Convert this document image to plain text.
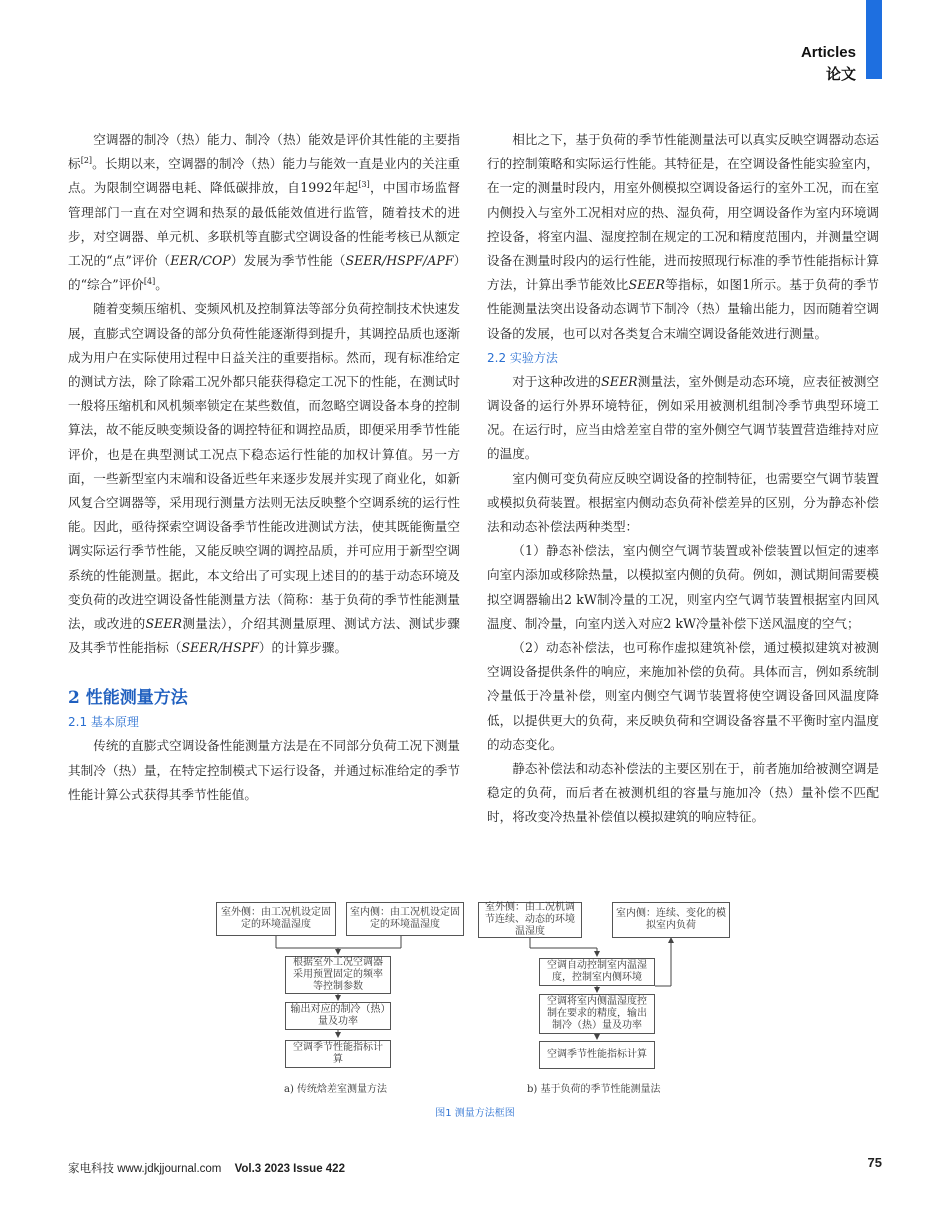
Articles
论文

空调器的制冷（热）能力、制冷（热）能效是评价其性能的主要指标[2]。长期以来，空调器的制冷（热）能力与能效一直是业内的关注重点。为限制空调器电耗、降低碳排放，自1992年起[3]，中国市场监督管理部门一直在对空调和热泵的最低能效值进行监管，随着技术的进步，对空调器、单元机、多联机等直膨式空调设备的性能考核已从额定工况的“点”评价（EER/COP）发展为季节性能（SEER/HSPF/APF）的“综合”评价[4]。

随着变频压缩机、变频风机及控制算法等部分负荷控制技术快速发展，直膨式空调设备的部分负荷性能逐渐得到提升，其调控品质也逐渐成为用户在实际使用过程中日益关注的重要指标。然而，现有标准给定的测试方法，除了除霜工况外都只能获得稳定工况下的性能，在测试时一般将压缩机和风机频率锁定在某些数值，而忽略空调设备本身的控制算法，故不能反映变频设备的调控特征和调控品质，即便采用季节性能评价，也是在典型测试工况点下稳态运行性能的加权计算值。另一方面，一些新型室内末端和设备近些年来逐步发展并实现了商业化，如新风复合空调器等，采用现行测量方法则无法反映整个空调系统的运行性能。因此，亟待探索空调设备季节性能改进测试方法，使其既能衡量空调实际运行季节性能，又能反映空调的调控品质，并可应用于新型空调系统的性能测量。据此，本文给出了可实现上述目的的基于动态环境及变负荷的改进空调设备性能测量方法（简称：基于负荷的季节性能测量法，或改进的SEER测量法），介绍其测量原理、测试方法、测试步骤及其季节性能指标（SEER/HSPF）的计算步骤。

2 性能测量方法
2.1 基本原理

传统的直膨式空调设备性能测量方法是在不同部分负荷工况下测量其制冷（热）量，在特定控制模式下运行设备，并通过标准给定的季节性能计算公式获得其季节性能值。

相比之下，基于负荷的季节性能测量法可以真实反映空调器动态运行的控制策略和实际运行性能。其特征是，在空调设备性能实验室内，在一定的测量时段内，用室外侧模拟空调设备运行的室外工况，而在室内侧投入与室外工况相对应的热、湿负荷，用空调设备作为室内环境调控设备，将室内温、湿度控制在规定的工况和精度范围内，并测量空调设备在测量时段内的运行性能，进而按照现行标准的季节性能指标计算方法，计算出季节能效比SEER等指标，如图1所示。基于负荷的季节性能测量法突出设备动态调节下制冷（热）量输出能力，因而随着空调设备的发展，也可以对各类复合末端空调设备能效进行测量。

2.2 实验方法

对于这种改进的SEER测量法，室外侧是动态环境，应表征被测空调设备的运行外界环境特征，例如采用被测机组制冷季节典型环境工况。在运行时，应当由焓差室自带的室外侧空气调节装置营造维持对应的温度。

室内侧可变负荷应反映空调设备的控制特征，也需要空气调节装置或模拟负荷装置。根据室内侧动态负荷补偿差异的区别，分为静态补偿法和动态补偿法两种类型：

（1）静态补偿法，室内侧空气调节装置或补偿装置以恒定的速率向室内添加或移除热量，以模拟室内侧的负荷。例如，测试期间需要模拟空调器输出2 kW制冷量的工况，则室内空气调节装置根据室内回风温度、制冷量，向室内送入对应2 kW冷量补偿下送风温度的空气；

（2）动态补偿法，也可称作虚拟建筑补偿，通过模拟建筑对被测空调设备提供条件的响应，来施加补偿的负荷。具体而言，例如系统制冷量低于冷量补偿，则室内侧空气调节装置将使空调设备回风温度降低，以提供更大的负荷，来反映负荷和空调设备容量不平衡时室内温度的动态变化。

静态补偿法和动态补偿法的主要区别在于，前者施加给被测空调是稳定的负荷，而后者在被测机组的容量与施加冷（热）量补偿不匹配时，将改变冷热量补偿值以模拟建筑的响应特征。

室外侧：由工况机设定固定的环境温湿度
室内侧：由工况机设定固定的环境温湿度
根据室外工况空调器采用预置固定的频率等控制参数
输出对应的制冷（热）量及功率
空调季节性能指标计算
a) 传统焓差室测量方法
室外侧：由工况机调节连续、动态的环境温湿度
室内侧：连续、变化的模拟室内负荷
空调自动控制室内温湿度，控制室内侧环境
空调将室内侧温湿度控制在要求的精度，输出制冷（热）量及功率
空调季节性能指标计算
b) 基于负荷的季节性能测量法
图1 测量方法框图
家电科技 www.jdkjjournal.com Vol.3 2023 Issue 422	75
